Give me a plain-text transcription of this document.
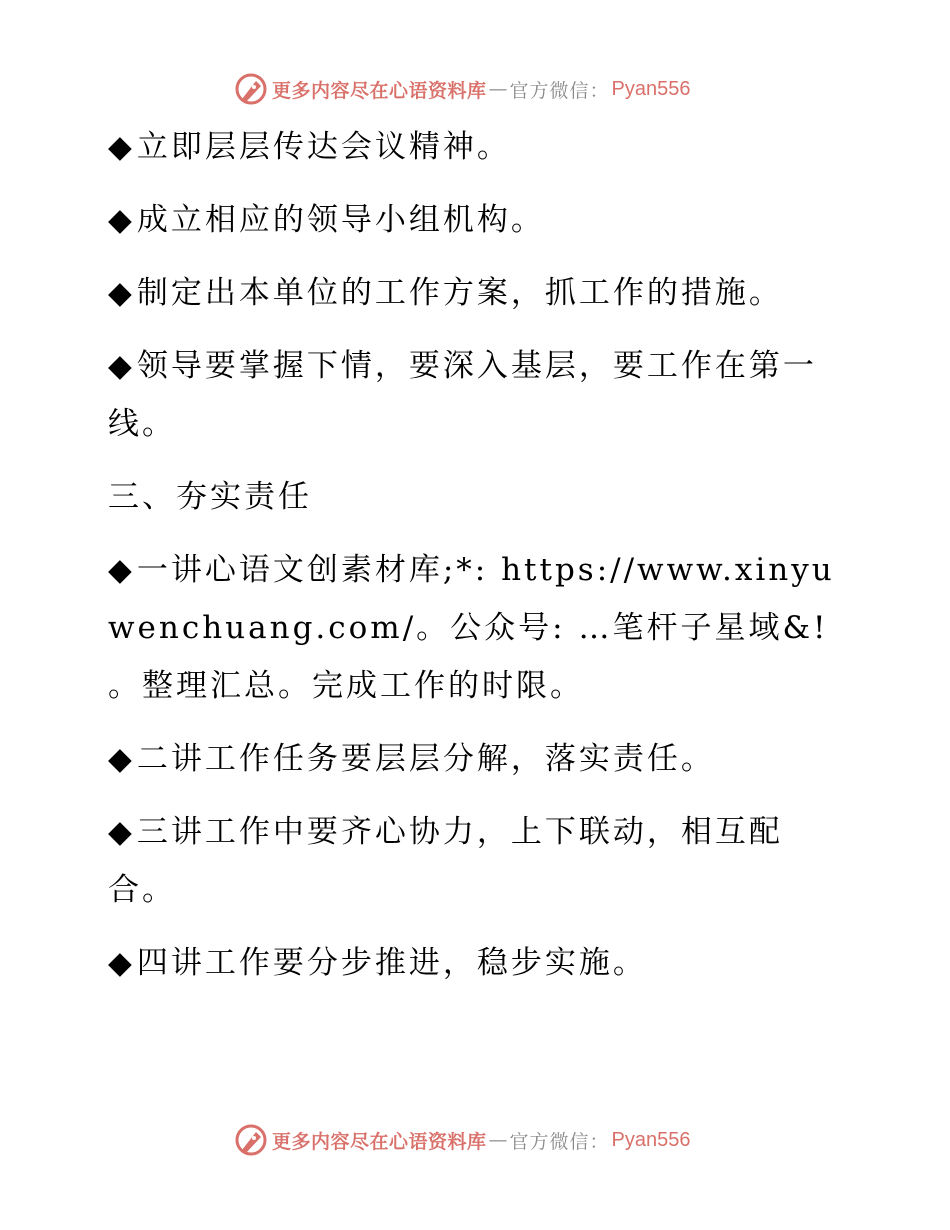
更多内容尽在心语资料库 — 官方微信： Pyan556

◆立即层层传达会议精神。

◆成立相应的领导小组机构。

◆制定出本单位的工作方案，抓工作的措施。

◆领导要掌握下情，要深入基层，要工作在第一线。

三、夯实责任

◆一讲心语文创素材库;*: https://www.xinyuwenchuang.com/。公众号: …笔杆子星域&! 。整理汇总。完成工作的时限。

◆二讲工作任务要层层分解，落实责任。

◆三讲工作中要齐心协力，上下联动，相互配合。

◆四讲工作要分步推进，稳步实施。

更多内容尽在心语资料库 — 官方微信： Pyan556
